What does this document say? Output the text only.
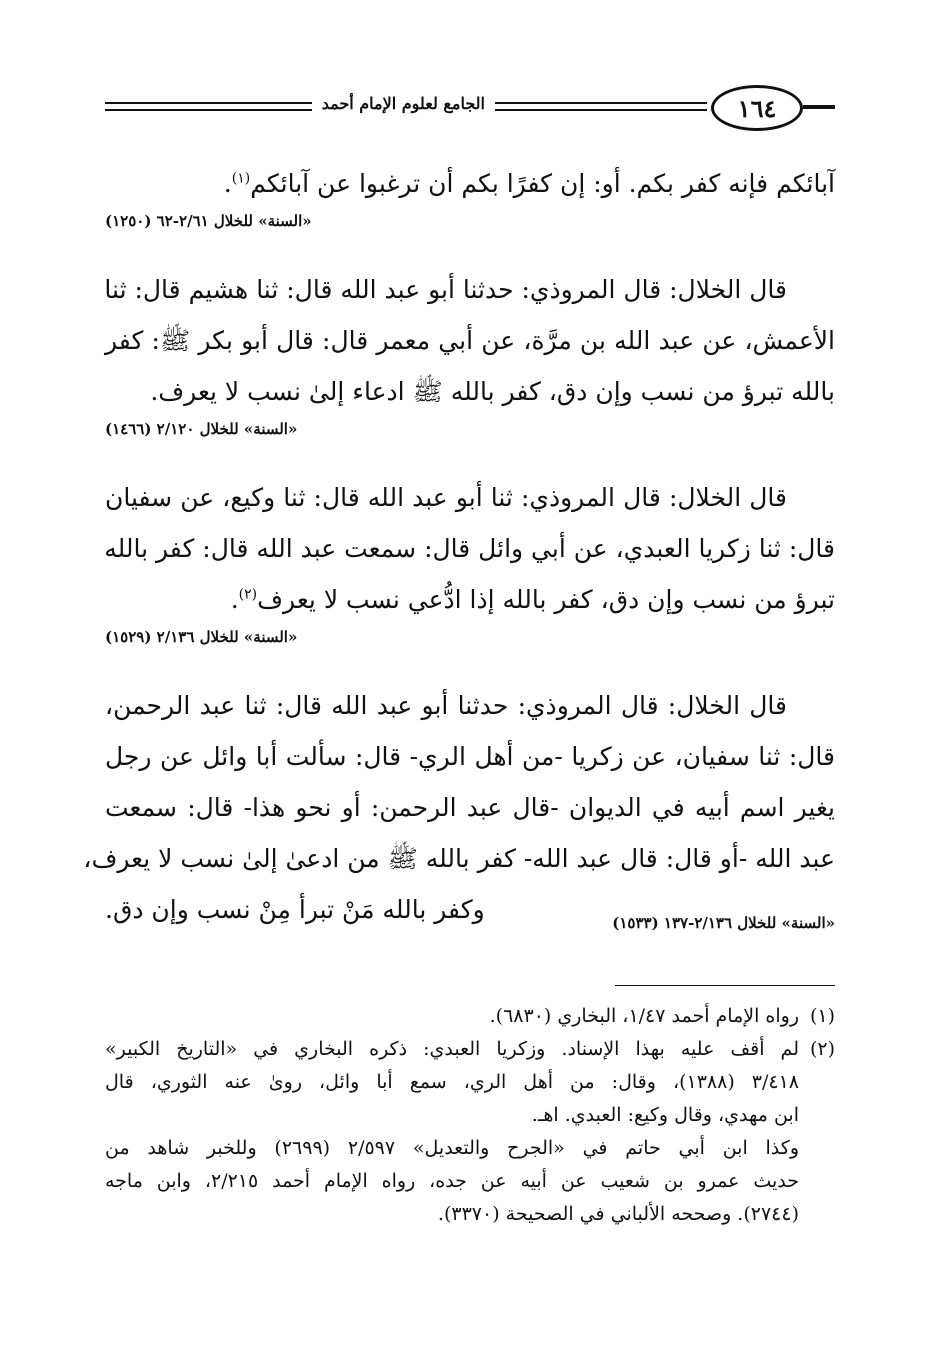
١٦٤
الجامع لعلوم الإمام أحمد

آبائكم فإنه كفر بكم. أو: إن كفرًا بكم أن ترغبوا عن آبائكم$^{(١)}$.

«السنة» للخلال ٢/٦١-٦٢ (١٢٥٠)

قال الخلال: قال المروذي: حدثنا أبو عبد الله قال: ثنا هشيم قال: ثنا

الأعمش، عن عبد الله بن مرَّة، عن أبي معمر قال: قال أبو بكر ﷺ: كفر

بالله تبرؤ من نسب وإن دق، كفر بالله ﷺ ادعاء إلىٰ نسب لا يعرف.

«السنة» للخلال ٢/١٢٠ (١٤٦٦)

قال الخلال: قال المروذي: ثنا أبو عبد الله قال: ثنا وكيع، عن سفيان

قال: ثنا زكريا العبدي، عن أبي وائل قال: سمعت عبد الله قال: كفر بالله

تبرؤ من نسب وإن دق، كفر بالله إذا ادُّعي نسب لا يعرف$^{(٢)}$.

«السنة» للخلال ٢/١٣٦ (١٥٢٩)

قال الخلال: قال المروذي: حدثنا أبو عبد الله قال: ثنا عبد الرحمن،

قال: ثنا سفيان، عن زكريا -من أهل الري- قال: سألت أبا وائل عن رجل

يغير اسم أبيه في الديوان -قال عبد الرحمن: أو نحو هذا- قال: سمعت

عبد الله -أو قال: قال عبد الله- كفر بالله ﷺ من ادعىٰ إلىٰ نسب لا يعرف،

وكفر بالله مَنْ تبرأ مِنْ نسب وإن دق.	«السنة» للخلال ٢/١٣٦-١٣٧ (١٥٣٣)

(١)
رواه الإمام أحمد ١/٤٧، البخاري (٦٨٣٠).
(٢)
لم أقف عليه بهذا الإسناد. وزكريا العبدي: ذكره البخاري في «التاريخ الكبير»
٣/٤١٨ (١٣٨٨)، وقال: من أهل الري، سمع أبا وائل، روىٰ عنه الثوري، قال
ابن مهدي، وقال وكيع: العبدي. اهـ.
وكذا ابن أبي حاتم في «الجرح والتعديل» ٢/٥٩٧ (٢٦٩٩) وللخبر شاهد من
حديث عمرو بن شعيب عن أبيه عن جده، رواه الإمام أحمد ٢/٢١٥، وابن ماجه
(٢٧٤٤). وصححه الألباني في الصحيحة (٣٣٧٠).
